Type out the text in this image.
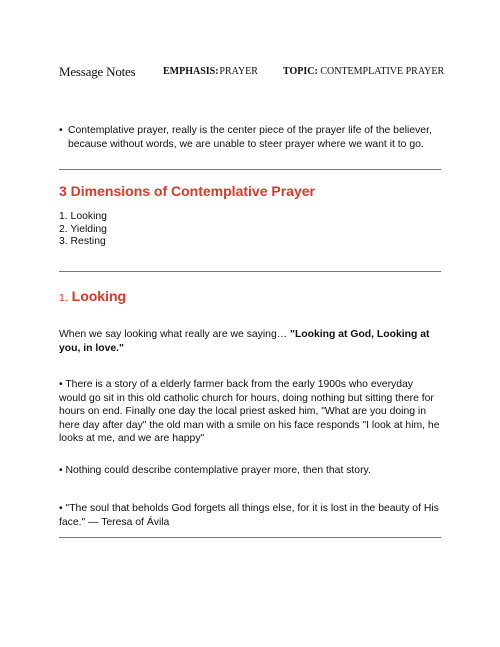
Message Notes	EMPHASIS: PRAYER	TOPIC: CONTEMPLATIVE PRAYER
• Contemplative prayer, really is the center piece of the prayer life of the believer, because without words, we are unable to steer prayer where we want it to go.
3 Dimensions of Contemplative Prayer
1. Looking
2. Yielding
3. Resting
1. Looking
When we say looking what really are we saying… "Looking at God, Looking at you, in love."
• There is a story of a elderly farmer back from the early 1900s who everyday would go sit in this old catholic church for hours, doing nothing but sitting there for hours on end. Finally one day the local priest asked him, "What are you doing in here day after day" the old man with a smile on his face responds "I look at him, he looks at me, and we are happy"
• Nothing could describe contemplative prayer more, then that story.
• "The soul that beholds God forgets all things else, for it is lost in the beauty of His face." — Teresa of Ávila
